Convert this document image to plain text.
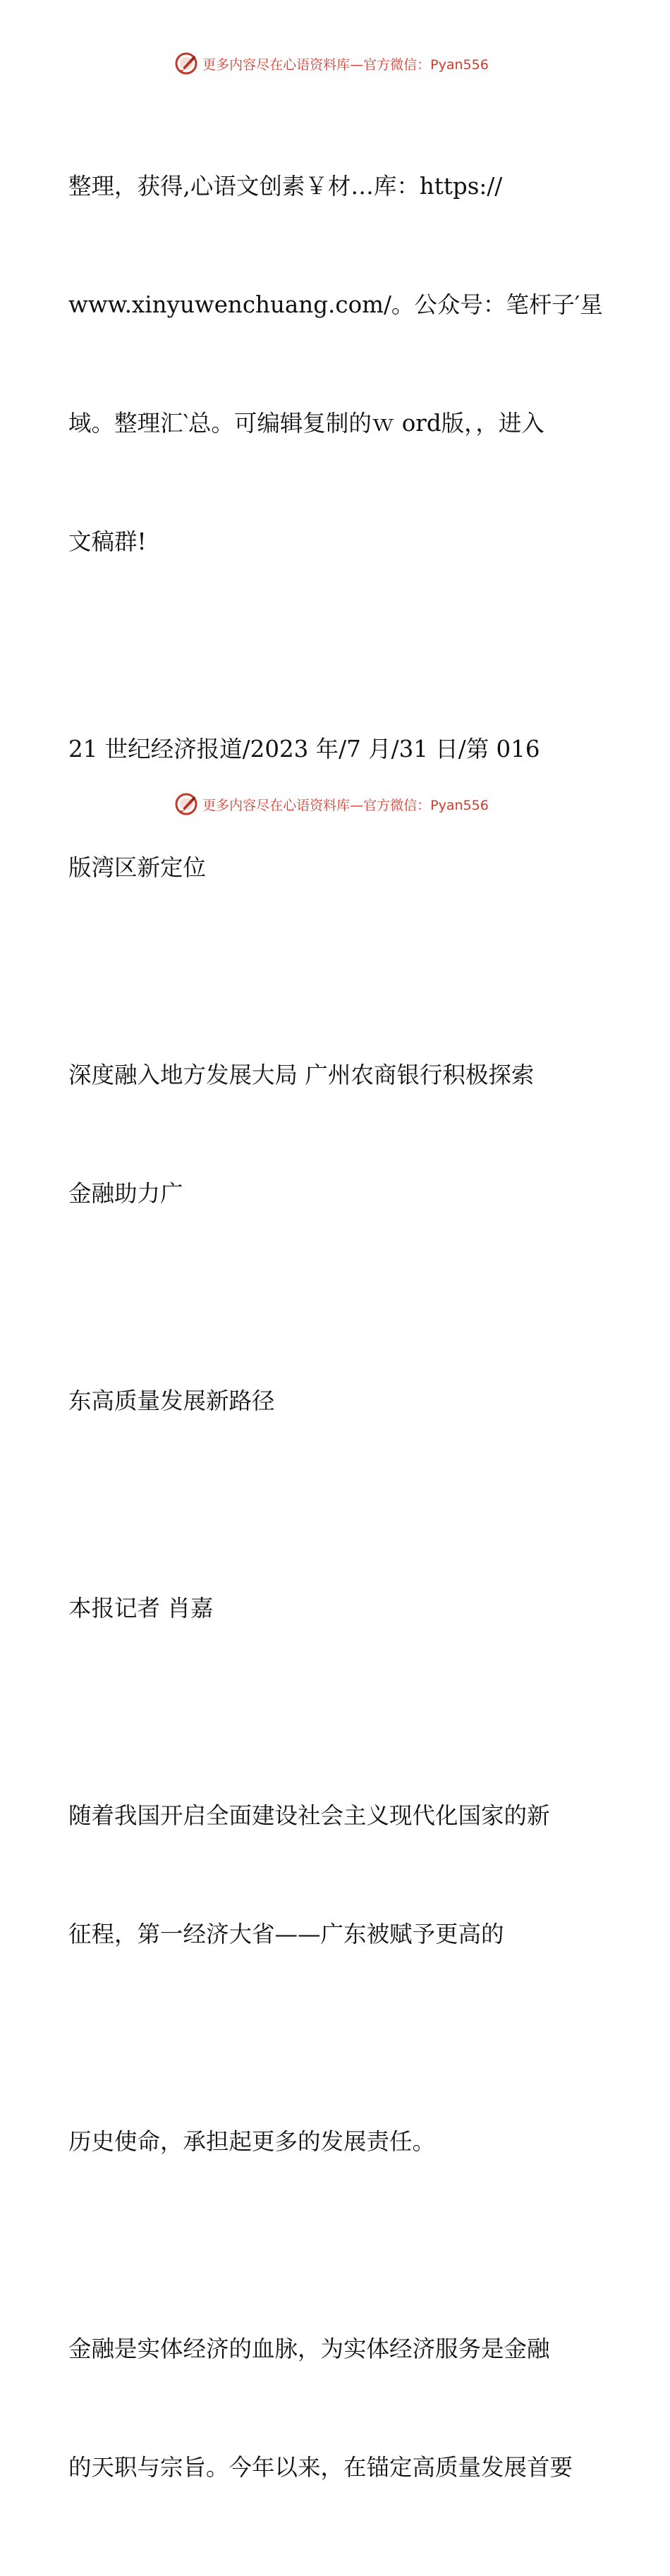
更多内容尽在心语资料库—官方微信：Pyan556

整理，获得,心语文创素￥材…库：https://

www.xinyuwenchuang.com/。公众号：笔杆子′星

域。整理汇‵总。可编辑复制的ｗ ord版，，进入

文稿群!

21 世纪经济报道/2023 年/7 月/31 日/第 016

版湾区新定位

深度融入地方发展大局 广州农商银行积极探索

金融助力广

东高质量发展新路径

本报记者 肖嘉

随着我国开启全面建设社会主义现代化国家的新

征程，第一经济大省——广东被赋予更高的

历史使命，承担起更多的发展责任。

金融是实体经济的血脉，为实体经济服务是金融

的天职与宗旨。今年以来，在锚定高质量发展首要

更多内容尽在心语资料库—官方微信：Pyan556
